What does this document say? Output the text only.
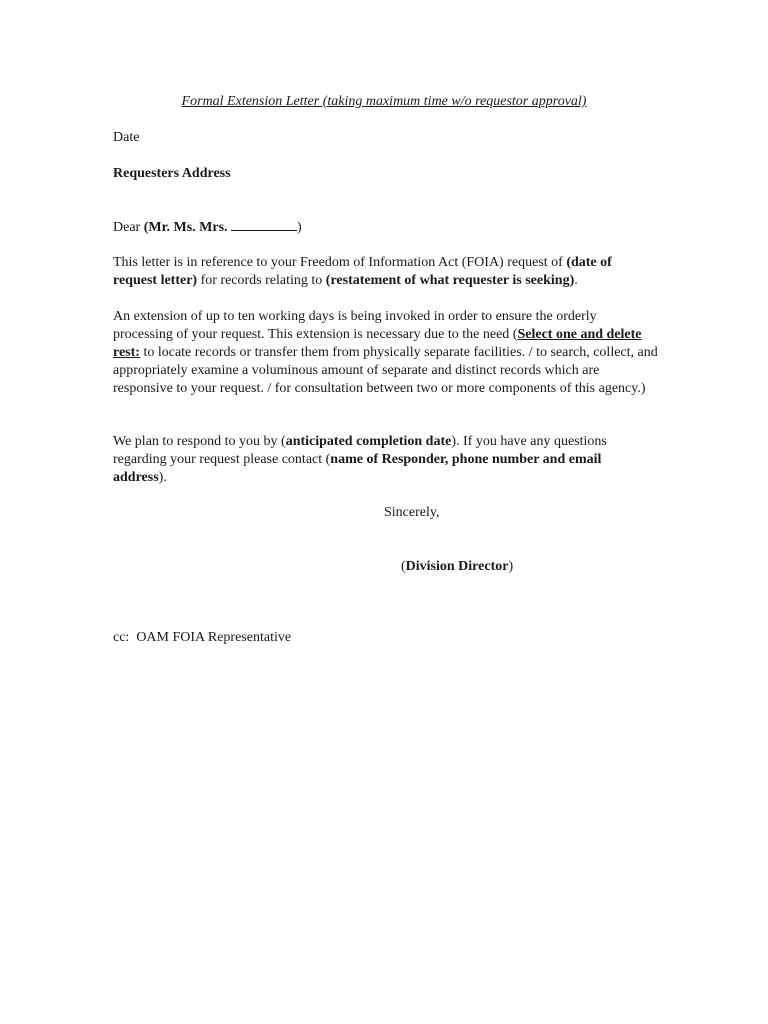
Formal Extension Letter (taking maximum time w/o requestor approval)
Date
Requesters Address
Dear (Mr. Ms. Mrs.	)
This letter is in reference to your Freedom of Information Act (FOIA) request of (date of request letter) for records relating to (restatement of what requester is seeking).
An extension of up to ten working days is being invoked in order to ensure the orderly processing of your request. This extension is necessary due to the need (Select one and delete rest: to locate records or transfer them from physically separate facilities. / to search, collect, and appropriately examine a voluminous amount of separate and distinct records which are responsive to your request. / for consultation between two or more components of this agency.)
We plan to respond to you by (anticipated completion date). If you have any questions regarding your request please contact (name of Responder, phone number and email address).
Sincerely,
(Division Director)
cc:  OAM FOIA Representative
